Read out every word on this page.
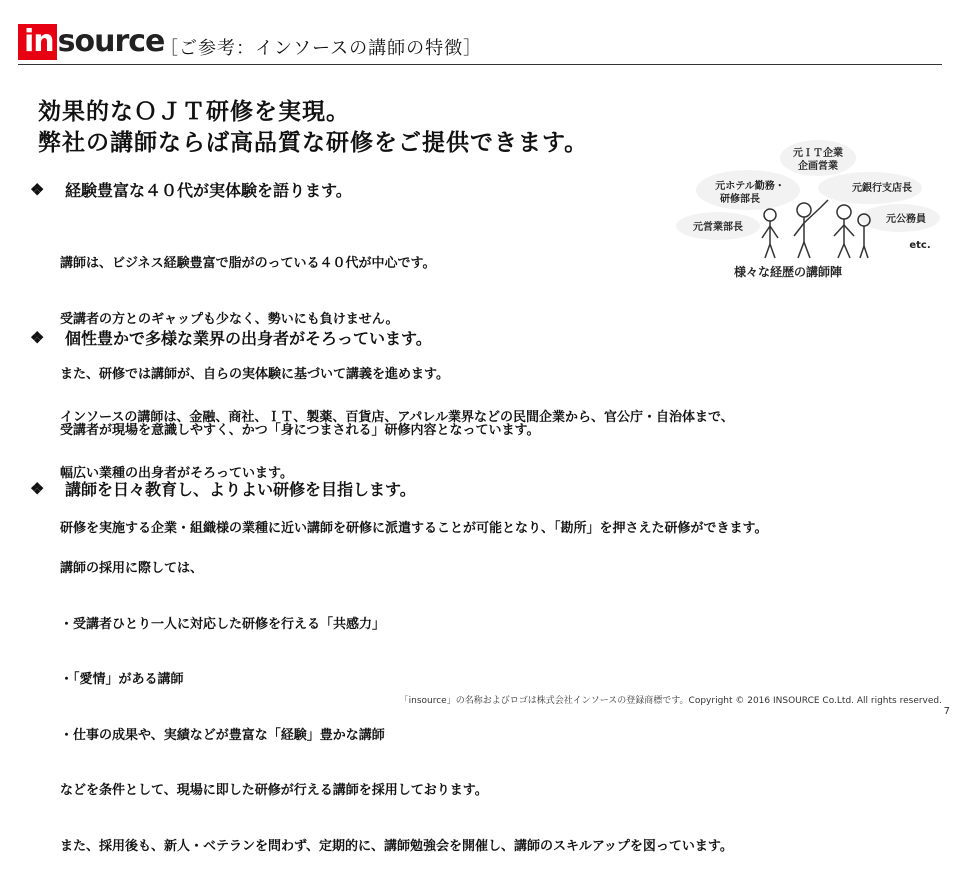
in source
［ご参考：インソースの講師の特徴］
効果的なＯＪＴ研修を実現。
弊社の講師ならば高品質な研修をご提供できます。
❖ 経験豊富な４０代が実体験を語ります。

講師は、ビジネス経験豊富で脂がのっている４０代が中心です。

受講者の方とのギャップも少なく、勢いにも負けません。

また、研修では講師が、自らの実体験に基づいて講義を進めます。

受講者が現場を意識しやすく、かつ「身につまされる」研修内容となっています。

元ＩＴ企業
企画営業
元ホテル勤務・
研修部長
元銀行支店長
元営業部長
元公務員
etc.
様々な経歴の講師陣
❖ 個性豊かで多様な業界の出身者がそろっています。

インソースの講師は、金融、商社、ＩＴ、製薬、百貨店、アパレル業界などの民間企業から、官公庁・自治体まで、

幅広い業種の出身者がそろっています。

研修を実施する企業・組織様の業種に近い講師を研修に派遣することが可能となり、「勘所」を押さえた研修ができます。

❖ 講師を日々教育し、よりよい研修を目指します。

講師の採用に際しては、

・受講者ひとり一人に対応した研修を行える「共感力」

・「愛情」がある講師

・仕事の成果や、実績などが豊富な「経験」豊かな講師

などを条件として、現場に即した研修が行える講師を採用しております。

また、採用後も、新人・ベテランを問わず、定期的に、講師勉強会を開催し、講師のスキルアップを図っています。

「insource」の名称およびロゴは株式会社インソースの登録商標です。Copyright © 2016 INSOURCE Co.Ltd. All rights reserved.
7
